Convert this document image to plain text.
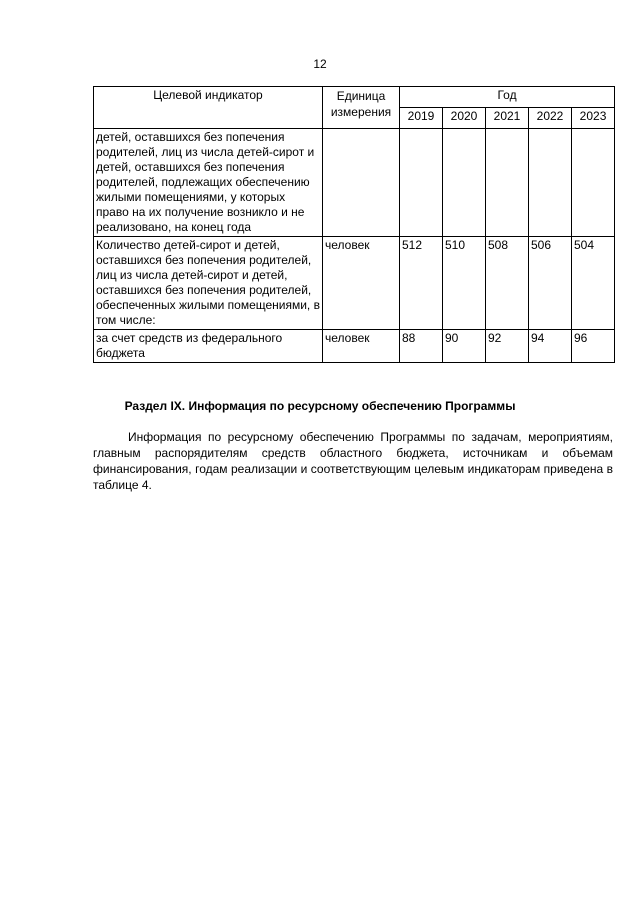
12
Целевой индикатор	Единица измерения	Год				
		2019	2020	2021	2022	2023
детей, оставшихся без попечения родителей, лиц из числа детей-сирот и детей, оставшихся без попечения родителей, подлежащих обеспечению жилыми помещениями, у которых право на их получение возникло и не реализовано, на конец года						
Количество детей-сирот и детей, оставшихся без попечения родителей, лиц из числа детей-сирот и детей, оставшихся без попечения родителей, обеспеченных жилыми помещениями, в том числе:	человек	512	510	508	506	504
за счет средств из федерального бюджета	человек	88	90	92	94	96
Раздел IX. Информация по ресурсному обеспечению Программы

Информация по ресурсному обеспечению Программы по задачам, мероприятиям, главным распорядителям средств областного бюджета, источникам и объемам финансирования, годам реализации и соответствующим целевым индикаторам приведена в таблице 4.
